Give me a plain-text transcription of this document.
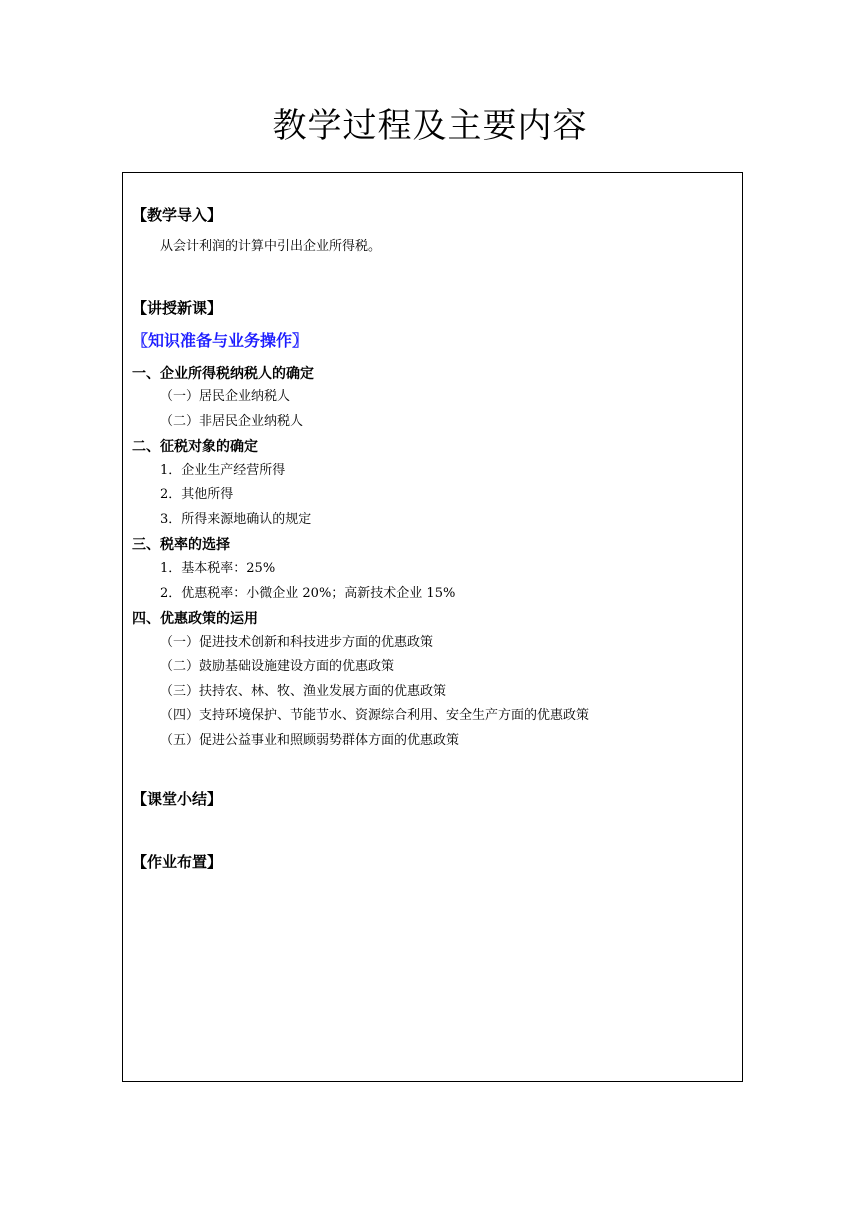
教学过程及主要内容
【教学导入】
从会计利润的计算中引出企业所得税。
【讲授新课】
〖知识准备与业务操作〗
一、企业所得税纳税人的确定
（一）居民企业纳税人
（二）非居民企业纳税人
二、征税对象的确定
1．企业生产经营所得
2．其他所得
3．所得来源地确认的规定
三、税率的选择
1．基本税率：25%
2．优惠税率：小微企业 20%；高新技术企业 15%
四、优惠政策的运用
（一）促进技术创新和科技进步方面的优惠政策
（二）鼓励基础设施建设方面的优惠政策
（三）扶持农、林、牧、渔业发展方面的优惠政策
（四）支持环境保护、节能节水、资源综合利用、安全生产方面的优惠政策
（五）促进公益事业和照顾弱势群体方面的优惠政策
【课堂小结】
【作业布置】
